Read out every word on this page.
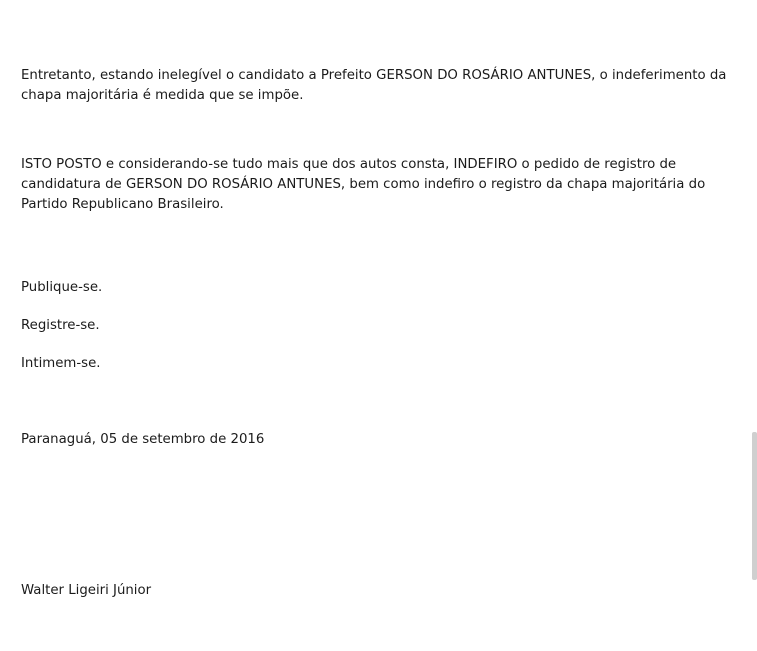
Entretanto, estando inelegível o candidato a Prefeito GERSON DO ROSÁRIO ANTUNES, o indeferimento da chapa majoritária é medida que se impõe.

ISTO POSTO e considerando-se tudo mais que dos autos consta, INDEFIRO o pedido de registro de candidatura de GERSON DO ROSÁRIO ANTUNES, bem como indefiro o registro da chapa majoritária do Partido Republicano Brasileiro.

Publique-se.

Registre-se.

Intimem-se.

Paranaguá, 05 de setembro de 2016

Walter Ligeiri Júnior
